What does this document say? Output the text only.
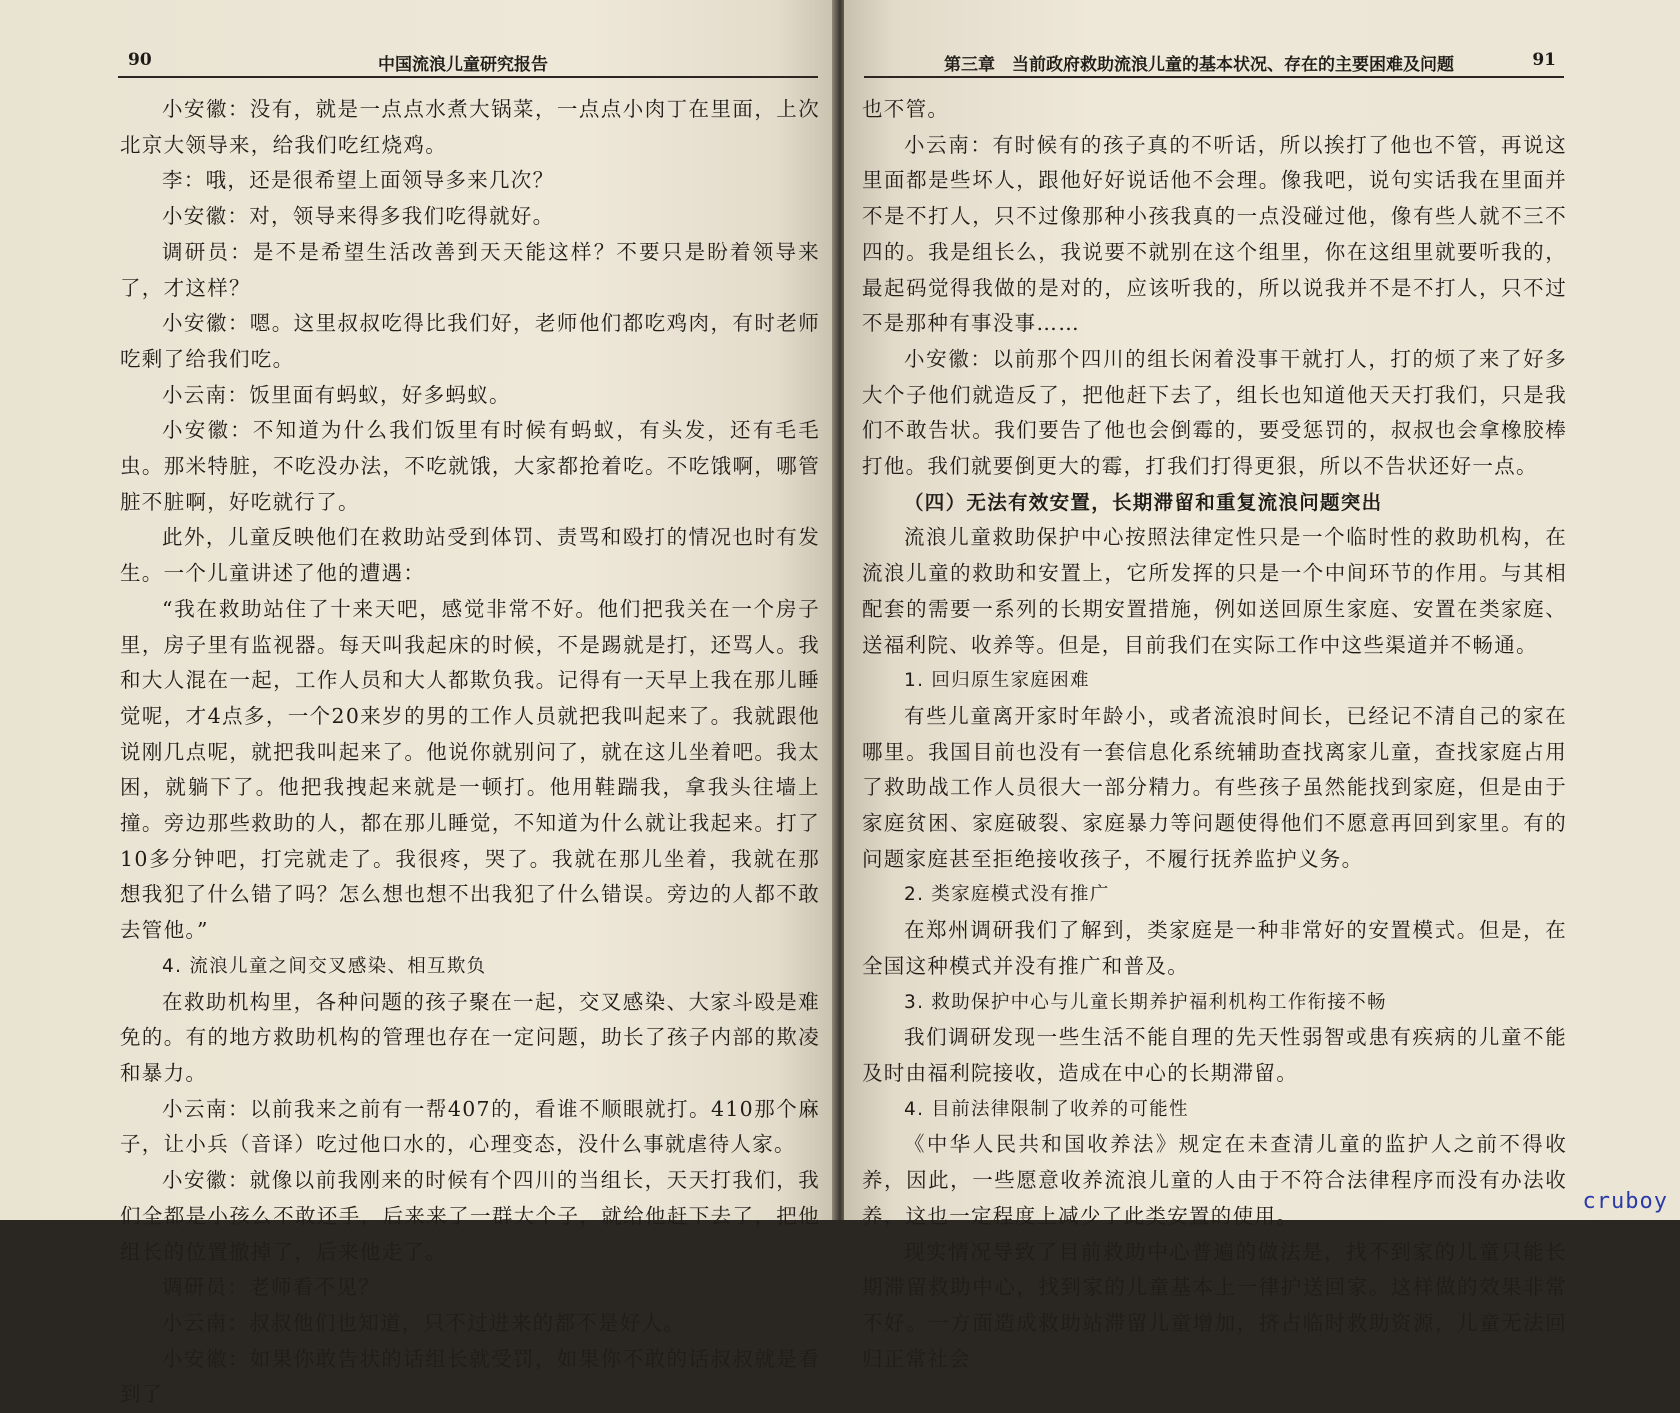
90	中国流浪儿童研究报告

小安徽：没有，就是一点点水煮大锅菜，一点点小肉丁在里面，上次北京大领导来，给我们吃红烧鸡。

李：哦，还是很希望上面领导多来几次？

小安徽：对，领导来得多我们吃得就好。

调研员：是不是希望生活改善到天天能这样？不要只是盼着领导来了，才这样？

小安徽：嗯。这里叔叔吃得比我们好，老师他们都吃鸡肉，有时老师吃剩了给我们吃。

小云南：饭里面有蚂蚁，好多蚂蚁。

小安徽：不知道为什么我们饭里有时候有蚂蚁，有头发，还有毛毛虫。那米特脏，不吃没办法，不吃就饿，大家都抢着吃。不吃饿啊，哪管脏不脏啊，好吃就行了。

此外，儿童反映他们在救助站受到体罚、责骂和殴打的情况也时有发生。一个儿童讲述了他的遭遇：

“我在救助站住了十来天吧，感觉非常不好。他们把我关在一个房子里，房子里有监视器。每天叫我起床的时候，不是踢就是打，还骂人。我和大人混在一起，工作人员和大人都欺负我。记得有一天早上我在那儿睡觉呢，才4点多，一个20来岁的男的工作人员就把我叫起来了。我就跟他说刚几点呢，就把我叫起来了。他说你就别问了，就在这儿坐着吧。我太困，就躺下了。他把我拽起来就是一顿打。他用鞋踹我，拿我头往墙上撞。旁边那些救助的人，都在那儿睡觉，不知道为什么就让我起来。打了10多分钟吧，打完就走了。我很疼，哭了。我就在那儿坐着，我就在那想我犯了什么错了吗？怎么想也想不出我犯了什么错误。旁边的人都不敢去管他。”

4. 流浪儿童之间交叉感染、相互欺负

在救助机构里，各种问题的孩子聚在一起，交叉感染、大家斗殴是难免的。有的地方救助机构的管理也存在一定问题，助长了孩子内部的欺凌和暴力。

小云南：以前我来之前有一帮407的，看谁不顺眼就打。410那个麻子，让小兵（音译）吃过他口水的，心理变态，没什么事就虐待人家。

小安徽：就像以前我刚来的时候有个四川的当组长，天天打我们，我们全都是小孩么不敢还手，后来来了一群大个子，就给他赶下去了，把他组长的位置撤掉了，后来他走了。

调研员：老师看不见？

小云南：叔叔他们也知道，只不过进来的都不是好人。

小安徽：如果你敢告状的话组长就受罚，如果你不敢的话叔叔就是看到了

第三章　当前政府救助流浪儿童的基本状况、存在的主要困难及问题	91

也不管。

小云南：有时候有的孩子真的不听话，所以挨打了他也不管，再说这里面都是些坏人，跟他好好说话他不会理。像我吧，说句实话我在里面并不是不打人，只不过像那种小孩我真的一点没碰过他，像有些人就不三不四的。我是组长么，我说要不就别在这个组里，你在这组里就要听我的，最起码觉得我做的是对的，应该听我的，所以说我并不是不打人，只不过不是那种有事没事……

小安徽：以前那个四川的组长闲着没事干就打人，打的烦了来了好多大个子他们就造反了，把他赶下去了，组长也知道他天天打我们，只是我们不敢告状。我们要告了他也会倒霉的，要受惩罚的，叔叔也会拿橡胶棒打他。我们就要倒更大的霉，打我们打得更狠，所以不告状还好一点。

（四）无法有效安置，长期滞留和重复流浪问题突出

流浪儿童救助保护中心按照法律定性只是一个临时性的救助机构，在流浪儿童的救助和安置上，它所发挥的只是一个中间环节的作用。与其相配套的需要一系列的长期安置措施，例如送回原生家庭、安置在类家庭、送福利院、收养等。但是，目前我们在实际工作中这些渠道并不畅通。

1. 回归原生家庭困难

有些儿童离开家时年龄小，或者流浪时间长，已经记不清自己的家在哪里。我国目前也没有一套信息化系统辅助查找离家儿童，查找家庭占用了救助战工作人员很大一部分精力。有些孩子虽然能找到家庭，但是由于家庭贫困、家庭破裂、家庭暴力等问题使得他们不愿意再回到家里。有的问题家庭甚至拒绝接收孩子，不履行抚养监护义务。

2. 类家庭模式没有推广

在郑州调研我们了解到，类家庭是一种非常好的安置模式。但是，在全国这种模式并没有推广和普及。

3. 救助保护中心与儿童长期养护福利机构工作衔接不畅

我们调研发现一些生活不能自理的先天性弱智或患有疾病的儿童不能及时由福利院接收，造成在中心的长期滞留。

4. 目前法律限制了收养的可能性

《中华人民共和国收养法》规定在未查清儿童的监护人之前不得收养，因此，一些愿意收养流浪儿童的人由于不符合法律程序而没有办法收养，这也一定程度上减少了此类安置的使用。

现实情况导致了目前救助中心普遍的做法是，找不到家的儿童只能长期滞留救助中心，找到家的儿童基本上一律护送回家。这样做的效果非常不好。一方面造成救助站滞留儿童增加，挤占临时救助资源，儿童无法回归正常社会

cruboy
